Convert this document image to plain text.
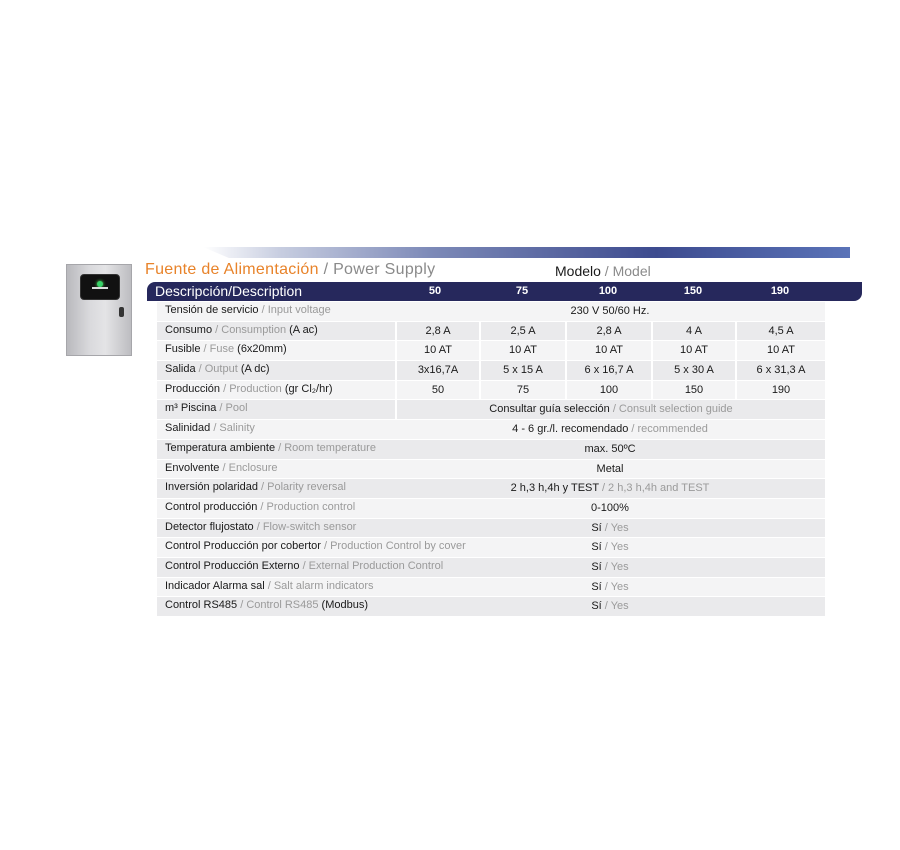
Fuente de Alimentación / Power Supply	Modelo / Model
Descripción/Description	50	75	100	150	190
Tensión de servicio / Input voltage	230 V 50/60 Hz.
Consumo / Consumption (A ac)	2,8 A	2,5 A	2,8 A	4 A	4,5 A
Fusible / Fuse (6x20mm)	10 AT	10 AT	10 AT	10 AT	10 AT
Salida / Output (A dc)	3x16,7A	5 x 15 A	6 x 16,7 A	5 x 30 A	6 x 31,3 A
Producción / Production (gr Cl₂/hr)	50	75	100	150	190
m³ Piscina / Pool	Consultar guía selección / Consult selection guide
Salinidad / Salinity	4 - 6 gr./l. recomendado / recommended
Temperatura ambiente / Room temperature	max. 50ºC
Envolvente / Enclosure	Metal
Inversión polaridad / Polarity reversal	2 h,3 h,4h y TEST / 2 h,3 h,4h and TEST
Control producción / Production control	0-100%
Detector flujostato / Flow-switch sensor	Sí / Yes
Control Producción por cobertor / Production Control by cover	Sí / Yes
Control Producción Externo / External Production Control	Sí / Yes
Indicador Alarma sal / Salt alarm indicators	Sí / Yes
Control RS485 / Control RS485 (Modbus)	Sí / Yes
